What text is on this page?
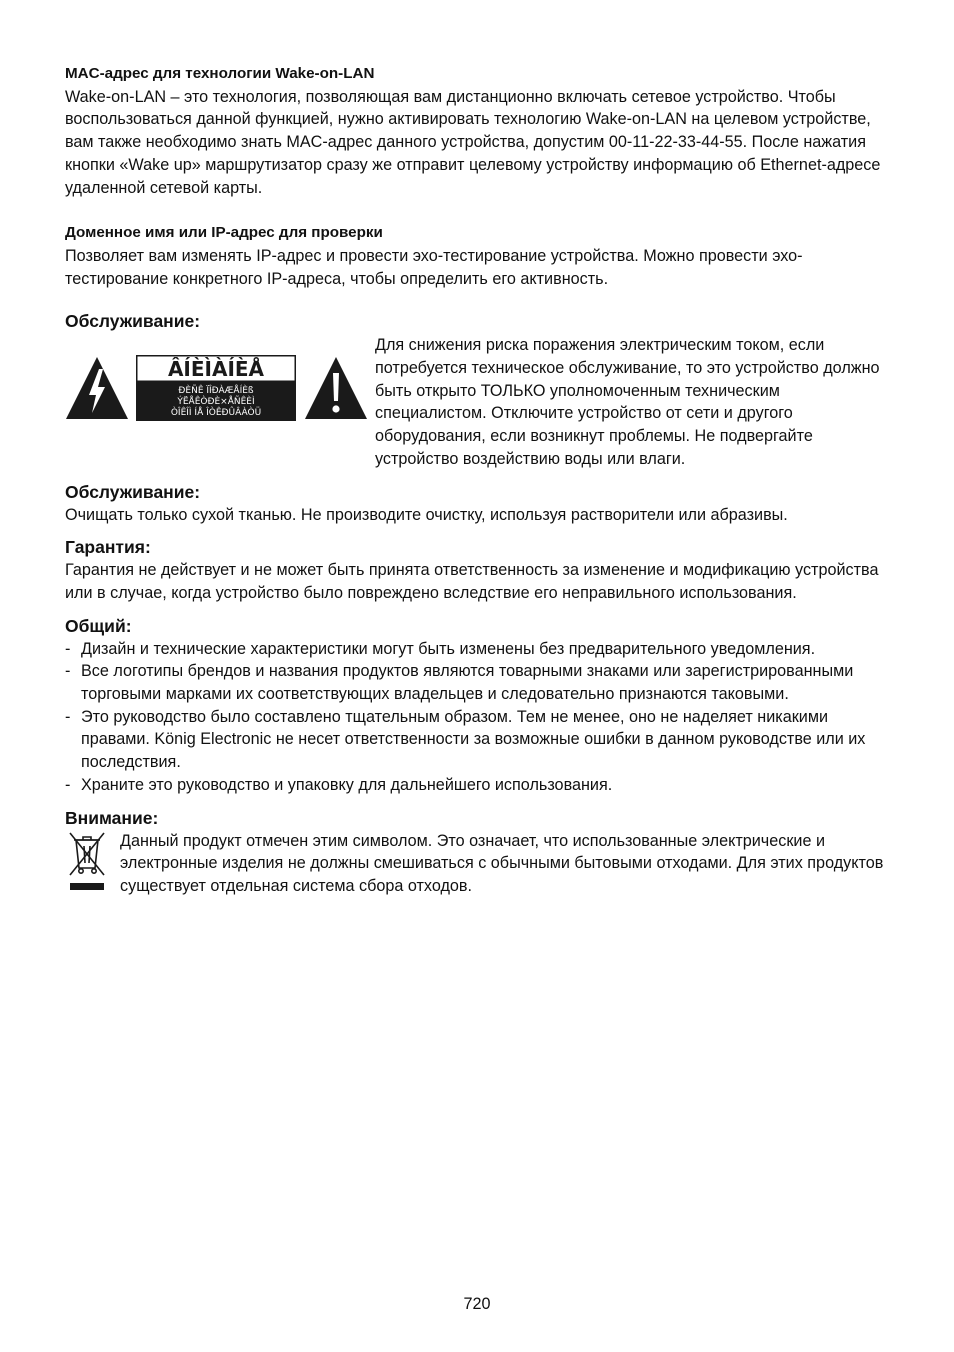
MAC-адрес для технологии Wake-on-LAN

Wake-on-LAN – это технология, позволяющая вам дистанционно включать сетевое устройство. Чтобы воспользоваться данной функцией, нужно активировать технологию Wake-on-LAN на целевом устройстве, вам также необходимо знать MAC-адрес данного устройства, допустим 00-11-22-33-44-55. После нажатия кнопки «Wake up» маршрутизатор сразу же отправит целевому устройству информацию об Ethernet-адресе удаленной сетевой карты.

Доменное имя или IP-адрес для проверки

Позволяет вам изменять IP-адрес и провести эхо-тестирование устройства. Можно провести эхо-тестирование конкретного IP-адреса, чтобы определить его активность.

Обслуживание:

ÂÍÈÌÀÍÈÅ
ÐÈÑÊ ÏÎÐÀÆÅÍÈß
ÝËÅÊÒÐÈ×ÅÑÊÈÌ
ÒÎÊÎÌ ÍÅ ÎÒÊÐÛÂÀÒÜ

Для снижения риска поражения электрическим током, если потребуется техническое обслуживание, то это устройство должно быть открыто ТОЛЬКО уполномоченным техническим специалистом. Отключите устройство от сети и другого оборудования, если возникнут проблемы. Не подвергайте устройство воздействию воды или влаги.

Обслуживание:

Очищать только сухой тканью. Не производите очистку, используя растворители или абразивы.

Гарантия:

Гарантия не действует и не может быть принята ответственность за изменение и модификацию устройства или в случае, когда устройство было повреждено вследствие его неправильного использования.

Общий:

- Дизайн и технические характеристики могут быть изменены без предварительного уведомления.
- Все логотипы брендов и названия продуктов являются товарными знаками или зарегистрированными торговыми марками их соответствующих владельцев и следовательно признаются таковыми.
- Это руководство было составлено тщательным образом. Тем не менее, оно не наделяет никакими правами. König Electronic не несет ответственности за возможные ошибки в данном руководстве или их последствия.
- Храните это руководство и упаковку для дальнейшего использования.

Внимание:

Данный продукт отмечен этим символом. Это означает, что использованные электрические и электронные изделия не должны смешиваться с обычными бытовыми отходами. Для этих продуктов существует отдельная система сбора отходов.

720
